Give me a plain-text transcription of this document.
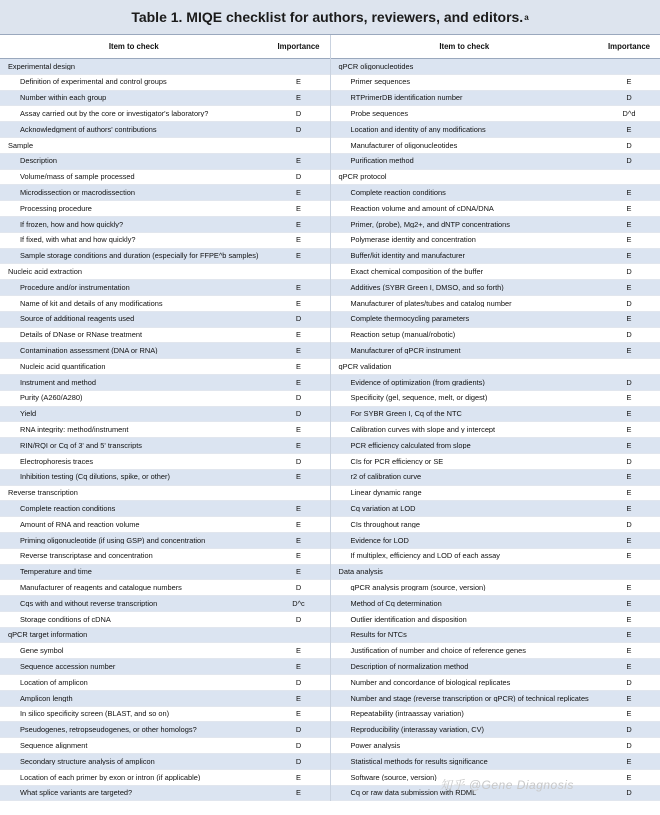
Table 1. MIQE checklist for authors, reviewers, and editors. a
Item to check	Importance
Experimental design
Definition of experimental and control groups	E
Number within each group	E
Assay carried out by the core or investigator's laboratory?	D
Acknowledgment of authors' contributions	D
Sample
Description	E
Volume/mass of sample processed	D
Microdissection or macrodissection	E
Processing procedure	E
If frozen, how and how quickly?	E
If fixed, with what and how quickly?	E
Sample storage conditions and duration (especially for FFPE^b samples)	E
Nucleic acid extraction
Procedure and/or instrumentation	E
Name of kit and details of any modifications	E
Source of additional reagents used	D
Details of DNase or RNase treatment	E
Contamination assessment (DNA or RNA)	E
Nucleic acid quantification	E
Instrument and method	E
Purity (A260/A280)	D
Yield	D
RNA integrity: method/instrument	E
RIN/RQI or Cq of 3' and 5' transcripts	E
Electrophoresis traces	D
Inhibition testing (Cq dilutions, spike, or other)	E
Reverse transcription
Complete reaction conditions	E
Amount of RNA and reaction volume	E
Priming oligonucleotide (if using GSP) and concentration	E
Reverse transcriptase and concentration	E
Temperature and time	E
Manufacturer of reagents and catalogue numbers	D
Cqs with and without reverse transcription	D^c
Storage conditions of cDNA	D
qPCR target information
Gene symbol	E
Sequence accession number	E
Location of amplicon	D
Amplicon length	E
In silico specificity screen (BLAST, and so on)	E
Pseudogenes, retropseudogenes, or other homologs?	D
Sequence alignment	D
Secondary structure analysis of amplicon	D
Location of each primer by exon or intron (if applicable)	E
What splice variants are targeted?	E
Item to check	Importance
qPCR oligonucleotides
Primer sequences	E
RTPrimerDB identification number	D
Probe sequences	D^d
Location and identity of any modifications	E
Manufacturer of oligonucleotides	D
Purification method	D
qPCR protocol
Complete reaction conditions	E
Reaction volume and amount of cDNA/DNA	E
Primer, (probe), Mg2+, and dNTP concentrations	E
Polymerase identity and concentration	E
Buffer/kit identity and manufacturer	E
Exact chemical composition of the buffer	D
Additives (SYBR Green I, DMSO, and so forth)	E
Manufacturer of plates/tubes and catalog number	D
Complete thermocycling parameters	E
Reaction setup (manual/robotic)	D
Manufacturer of qPCR instrument	E
qPCR validation
Evidence of optimization (from gradients)	D
Specificity (gel, sequence, melt, or digest)	E
For SYBR Green I, Cq of the NTC	E
Calibration curves with slope and y intercept	E
PCR efficiency calculated from slope	E
CIs for PCR efficiency or SE	D
r2 of calibration curve	E
Linear dynamic range	E
Cq variation at LOD	E
CIs throughout range	D
Evidence for LOD	E
If multiplex, efficiency and LOD of each assay	E
Data analysis
qPCR analysis program (source, version)	E
Method of Cq determination	E
Outlier identification and disposition	E
Results for NTCs	E
Justification of number and choice of reference genes	E
Description of normalization method	E
Number and concordance of biological replicates	D
Number and stage (reverse transcription or qPCR) of technical replicates	E
Repeatability (intraassay variation)	E
Reproducibility (interassay variation, CV)	D
Power analysis	D
Statistical methods for results significance	E
Software (source, version)	E
Cq or raw data submission with RDML	D
知乎 @Gene Diagnosis
